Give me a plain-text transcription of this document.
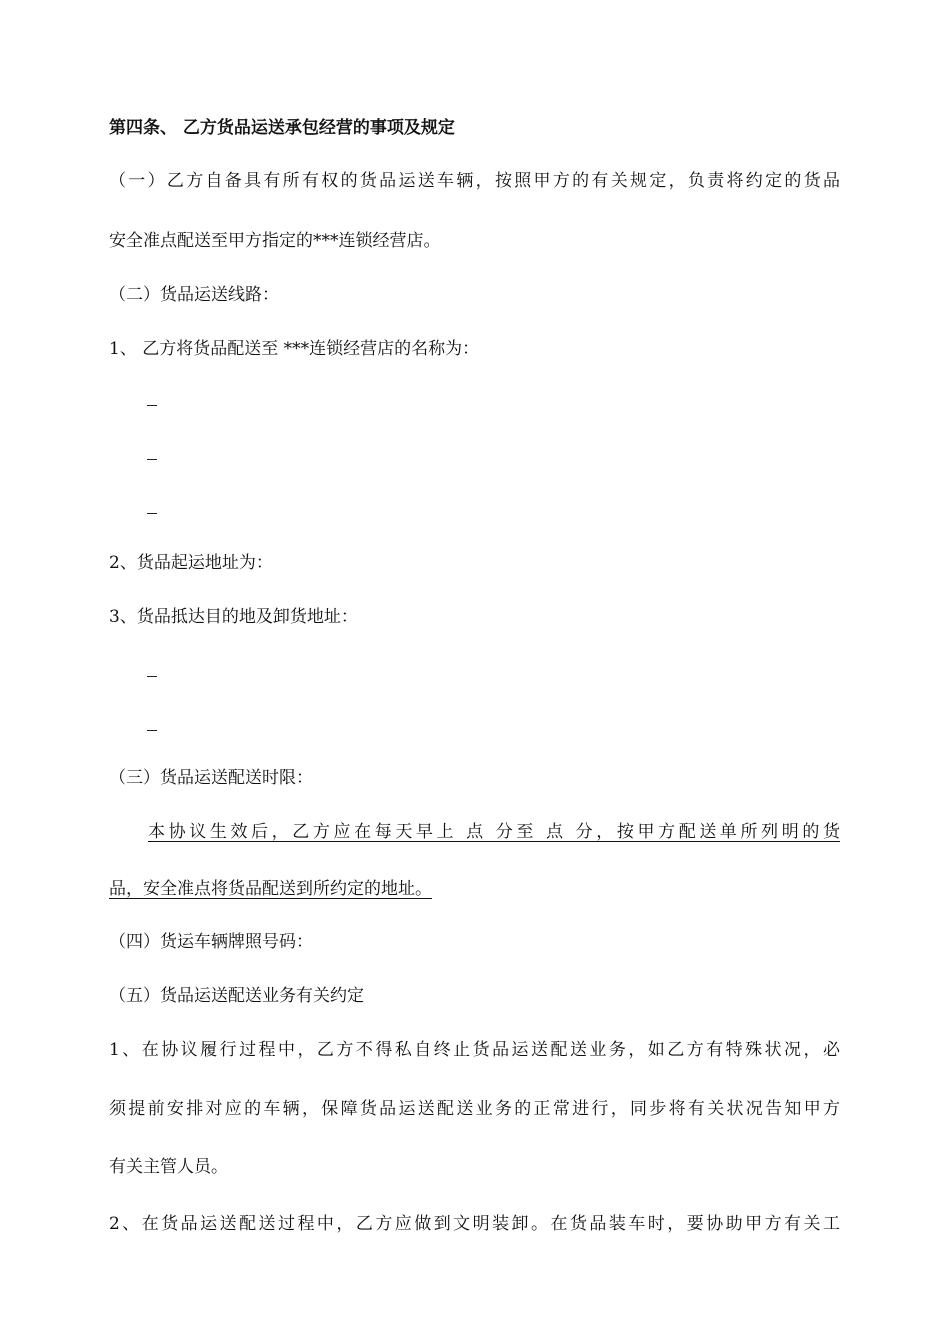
第四条、 乙方货品运送承包经营的事项及规定
（一）乙方自备具有所有权的货品运送车辆，按照甲方的有关规定，负责将约定的货品
安全准点配送至甲方指定的***连锁经营店。
（二）货品运送线路：
1、 乙方将货品配送至 ***连锁经营店的名称为：
2、货品起运地址为：
3、货品抵达目的地及卸货地址：
（三）货品运送配送时限：
本协议生效后，乙方应在每天早上 点 分至 点 分，按甲方配送单所列明的货
品，安全准点将货品配送到所约定的地址。
（四）货运车辆牌照号码：
（五）货品运送配送业务有关约定
1、在协议履行过程中，乙方不得私自终止货品运送配送业务，如乙方有特殊状况，必
须提前安排对应的车辆，保障货品运送配送业务的正常进行，同步将有关状况告知甲方
有关主管人员。
2、在货品运送配送过程中，乙方应做到文明装卸。在货品装车时，要协助甲方有关工
